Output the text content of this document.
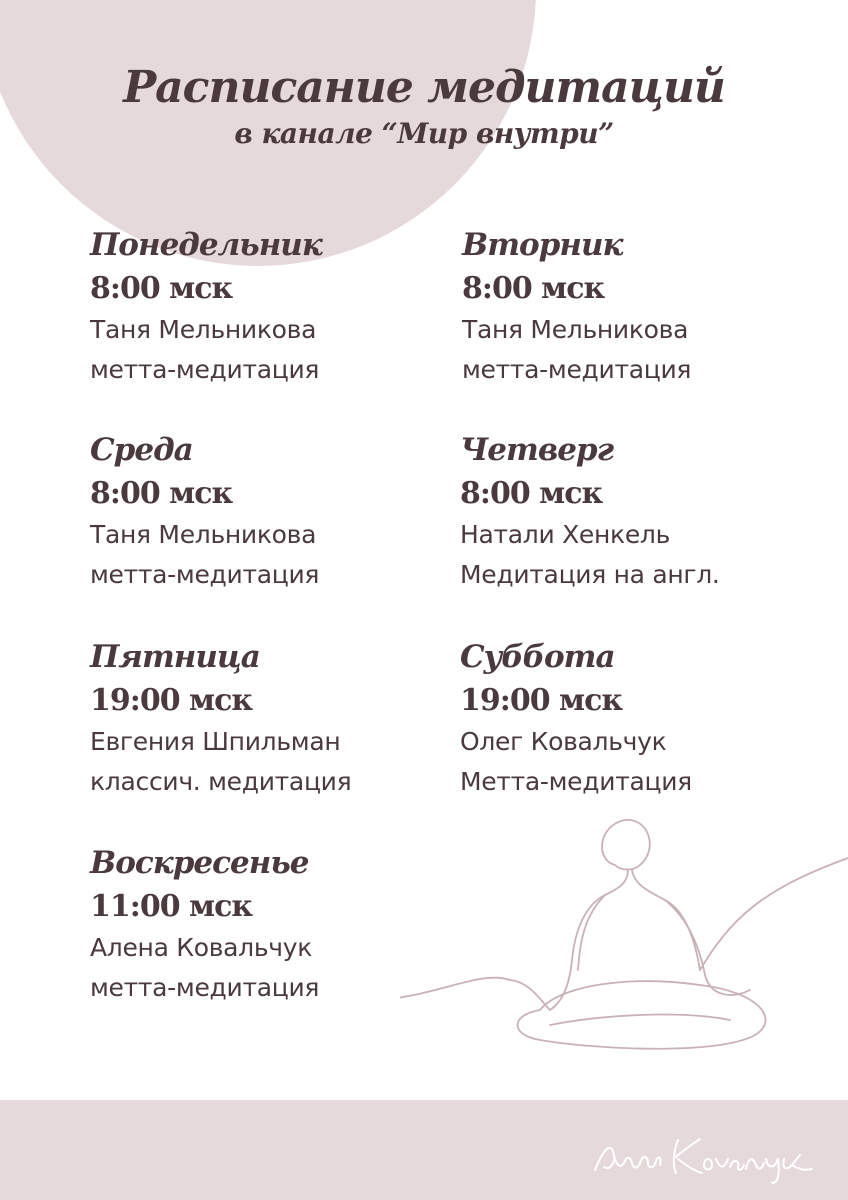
Расписание медитаций
в канале “Мир внутри”
Понедельник
8:00 мск
Таня Мельникова
метта-медитация
Вторник
8:00 мск
Таня Мельникова
метта-медитация
Среда
8:00 мск
Таня Мельникова
метта-медитация
Четверг
8:00 мск
Натали Хенкель
Медитация на англ.
Пятница
19:00 мск
Евгения Шпильман
классич. медитация
Суббота
19:00 мск
Олег Ковальчук
Метта-медитация
Воскресенье
11:00 мск
Алена Ковальчук
метта-медитация
